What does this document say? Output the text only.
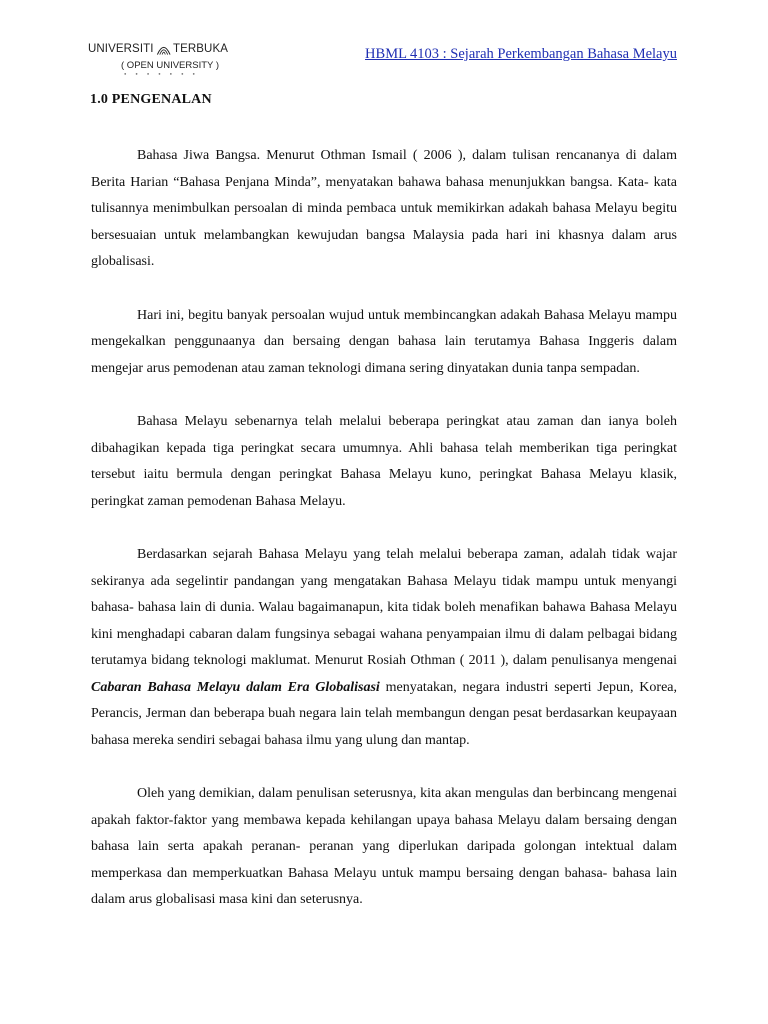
UNIVERSITI TERBUKA
( OPEN UNIVERSITY )
● ● ● ● ● ● ●
HBML 4103 : Sejarah Perkembangan Bahasa Melayu
1.0 PENGENALAN

Bahasa Jiwa Bangsa. Menurut Othman Ismail ( 2006 ), dalam tulisan rencananya di dalam Berita Harian “Bahasa Penjana Minda”, menyatakan bahawa bahasa menunjukkan bangsa. Kata- kata tulisannya menimbulkan persoalan di minda pembaca untuk memikirkan adakah bahasa Melayu begitu bersesuaian untuk melambangkan kewujudan bangsa Malaysia pada hari ini khasnya dalam arus globalisasi.

Hari ini, begitu banyak persoalan wujud untuk membincangkan adakah Bahasa Melayu mampu mengekalkan penggunaanya dan bersaing dengan bahasa lain terutamya Bahasa Inggeris dalam mengejar arus pemodenan atau zaman teknologi dimana sering dinyatakan dunia tanpa sempadan.

Bahasa Melayu sebenarnya telah melalui beberapa peringkat atau zaman dan ianya boleh dibahagikan kepada tiga peringkat secara umumnya. Ahli bahasa telah memberikan tiga peringkat tersebut iaitu bermula dengan peringkat Bahasa Melayu kuno, peringkat Bahasa Melayu klasik, peringkat zaman pemodenan Bahasa Melayu.

Berdasarkan sejarah Bahasa Melayu yang telah melalui beberapa zaman, adalah tidak wajar sekiranya ada segelintir pandangan yang mengatakan Bahasa Melayu tidak mampu untuk menyangi bahasa- bahasa lain di dunia. Walau bagaimanapun, kita tidak boleh menafikan bahawa Bahasa Melayu kini menghadapi cabaran dalam fungsinya sebagai wahana penyampaian ilmu di dalam pelbagai bidang terutamya bidang teknologi maklumat. Menurut Rosiah Othman ( 2011 ), dalam penulisanya mengenai Cabaran Bahasa Melayu dalam Era Globalisasi menyatakan, negara industri seperti Jepun, Korea, Perancis, Jerman dan beberapa buah negara lain telah membangun dengan pesat berdasarkan keupayaan bahasa mereka sendiri sebagai bahasa ilmu yang ulung dan mantap.

Oleh yang demikian, dalam penulisan seterusnya, kita akan mengulas dan berbincang mengenai apakah faktor-faktor yang membawa kepada kehilangan upaya bahasa Melayu dalam bersaing dengan bahasa lain serta apakah peranan- peranan yang diperlukan daripada golongan intektual dalam memperkasa dan memperkuatkan Bahasa Melayu untuk mampu bersaing dengan bahasa- bahasa lain dalam arus globalisasi masa kini dan seterusnya.
